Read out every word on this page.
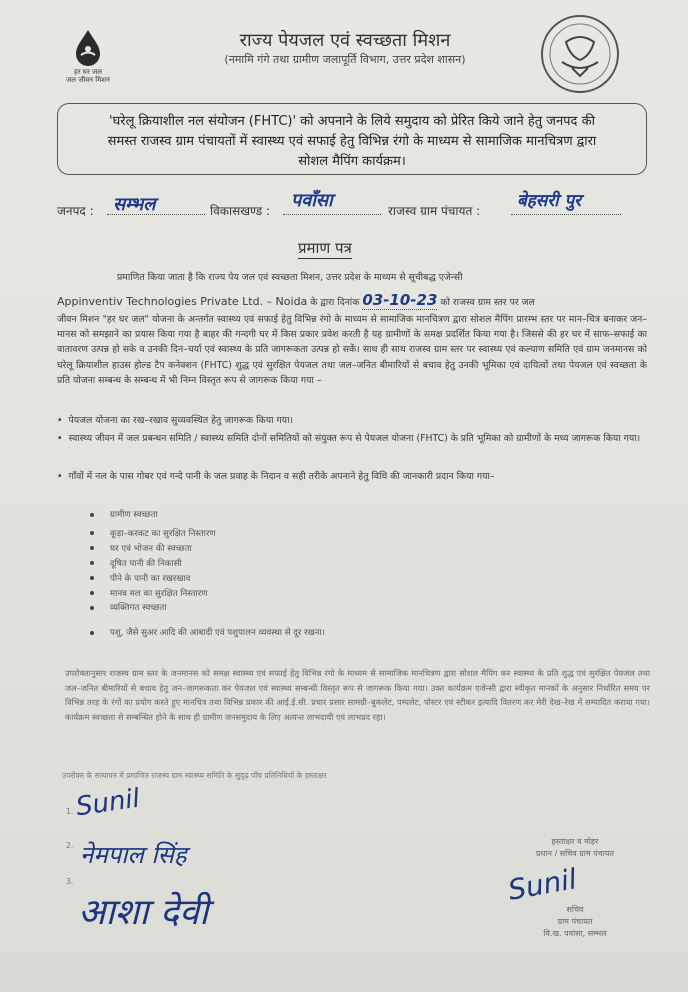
हर घर जल
जल जीवन मिशन
राज्य पेयजल एवं स्वच्छता मिशन
(नमामि गंगे तथा ग्रामीण जलापूर्ति विभाग, उत्तर प्रदेश शासन)
'घरेलू क्रियाशील नल संयोजन (FHTC)' को अपनाने के लिये समुदाय को प्रेरित किये जाने हेतु जनपद की
समस्त राजस्व ग्राम पंचायतों में स्वास्थ्य एवं सफाई हेतु विभिन्न रंगो के माध्यम से सामाजिक मानचित्रण द्वारा
सोशल मैपिंग कार्यक्रम।
जनपद : सम्भल	विकासखण्ड : पवाँसा	राजस्व ग्राम पंचायत : बेहसरी पुर
प्रमाण पत्र
प्रमाणित किया जाता है कि राज्य पेय जल एवं स्वच्छता मिशन, उत्तर प्रदेश के माध्यम से सूचीबद्ध एजेन्सी
Appinventiv Technologies Private Ltd. – Noida के द्वारा दिनांक 03-10-23 को राजस्व ग्राम स्तर पर जल
जीवन मिशन "हर घर जल" योजना के अन्तर्गत स्वास्थ्य एवं सफाई हेतु विभिन्न रंगो के माध्यम से सामाजिक मानचित्रण द्वारा सोशल मैपिंग प्रारम्भ स्तर पर मान–चित्र बनाकर जन–मानस को समझाने का प्रयास किया गया है बाहर की गन्दगी घर में किस प्रकार प्रवेश करती है यह ग्रामीणों के समक्ष प्रदर्शित किया गया है। जिससे की हर घर में साफ–सफाई का वातावरण उत्पन्न हो सके व उनकी दिन–चर्या एवं स्वास्थ्य के प्रति जागरूकता उत्पन्न हो सकें। साथ ही साथ राजस्व ग्राम स्तर पर स्वास्थ्य एवं कल्याण समिति एवं ग्राम जनमानस को घरेलू क्रियाशील हाउस होल्ड टैप कनेक्शन (FHTC) शुद्ध एवं सुरक्षित पेयजल तथा जल–जनित बीमारियों से बचाव हेतु उनकी भूमिका एवं दायित्वों तथा पेयजल एवं स्वच्छता के प्रति योजना सम्बन्ध के सम्बन्ध में भी निम्न विस्तृत रूप से जागरूक किया गया –
• पेयजल योजना का रख–रखाव सुव्यवस्थित हेतु जागरूक किया गया।
• स्वास्थ्य जीवन में जल प्रबन्धन समिति / स्वास्थ्य समिति दोनों समितियों को संयुक्त रूप से पेयजल योजना (FHTC) के प्रति भूमिका को ग्रामीणों के मध्य जागरूक किया गया।
• गाँवों में नल के पास गोबर एवं गन्दे पानी के जल प्रवाह के निदान व सही तरीके अपनाने हेतु विधि की जानकारी प्रदान किया गया–
ग्रामीण स्वच्छता
कूड़ा–करकट का सुरक्षित निस्तारण
घर एवं भोजन की स्वच्छता
दूषित पानी की निकासी
पीने के पानी का रखरखाव
मानव मल का सुरक्षित निस्तारण
व्यक्तिगत स्वच्छता
पशु, जैसे सुअर आदि की आबादी एवं पशुपालन व्यवस्था से दूर रखना।
उपरोक्तानुसार राजस्व ग्राम स्तर के जनमानस को समक्ष स्वास्थ्य एवं सफाई हेतु विभिन्न रंगो के माध्यम से सामाजिक मानचित्रण द्वारा सोशल मैपिंग कर स्वास्थ्य के प्रति शुद्ध एवं सुरक्षित पेयजल तथा जल–जनित बीमारियों से बचाव हेतु जन–जागरूकता कर पेयजल एवं स्वास्थ्य सम्बन्धी विस्तृत रूप से जागरूक किया गया। उक्त कार्यक्रम एजेन्सी द्वारा स्वीकृत मानकों के अनुसार निर्धारित समय पर विभिन्न तरह के रंगों का प्रयोग करते हुए मानचित्र तथा विभिन्न प्रकार की आई.ई.सी. प्रचार प्रसार सामग्री–बुकलेट, पम्पलेट, पोस्टर एवं स्टीकर इत्यादि वितरण कर मेरी देख–रेख में सम्पादित कराया गया। कार्यक्रम स्वच्छता से सम्बन्धित होने के साथ ही ग्रामीण जनसमुदाय के लिए अत्यन्त लाभदायी एवं लाभप्रद रहा।
उपरोक्त के सत्यापन में प्रमाणित राजस्व ग्राम स्वास्थ्य समिति के सुदृढ़ पाँच प्रतिनिधियों के हस्ताक्षर
1. Sunil
2. नेमपाल सिंह
3.
आशा देवी
हस्ताक्षर व मोहर
प्रधान / सचिव ग्राम पंचायत
Sunil
सचिव
ग्राम पंचायत
वि.ख. पवांसा, सम्भल
